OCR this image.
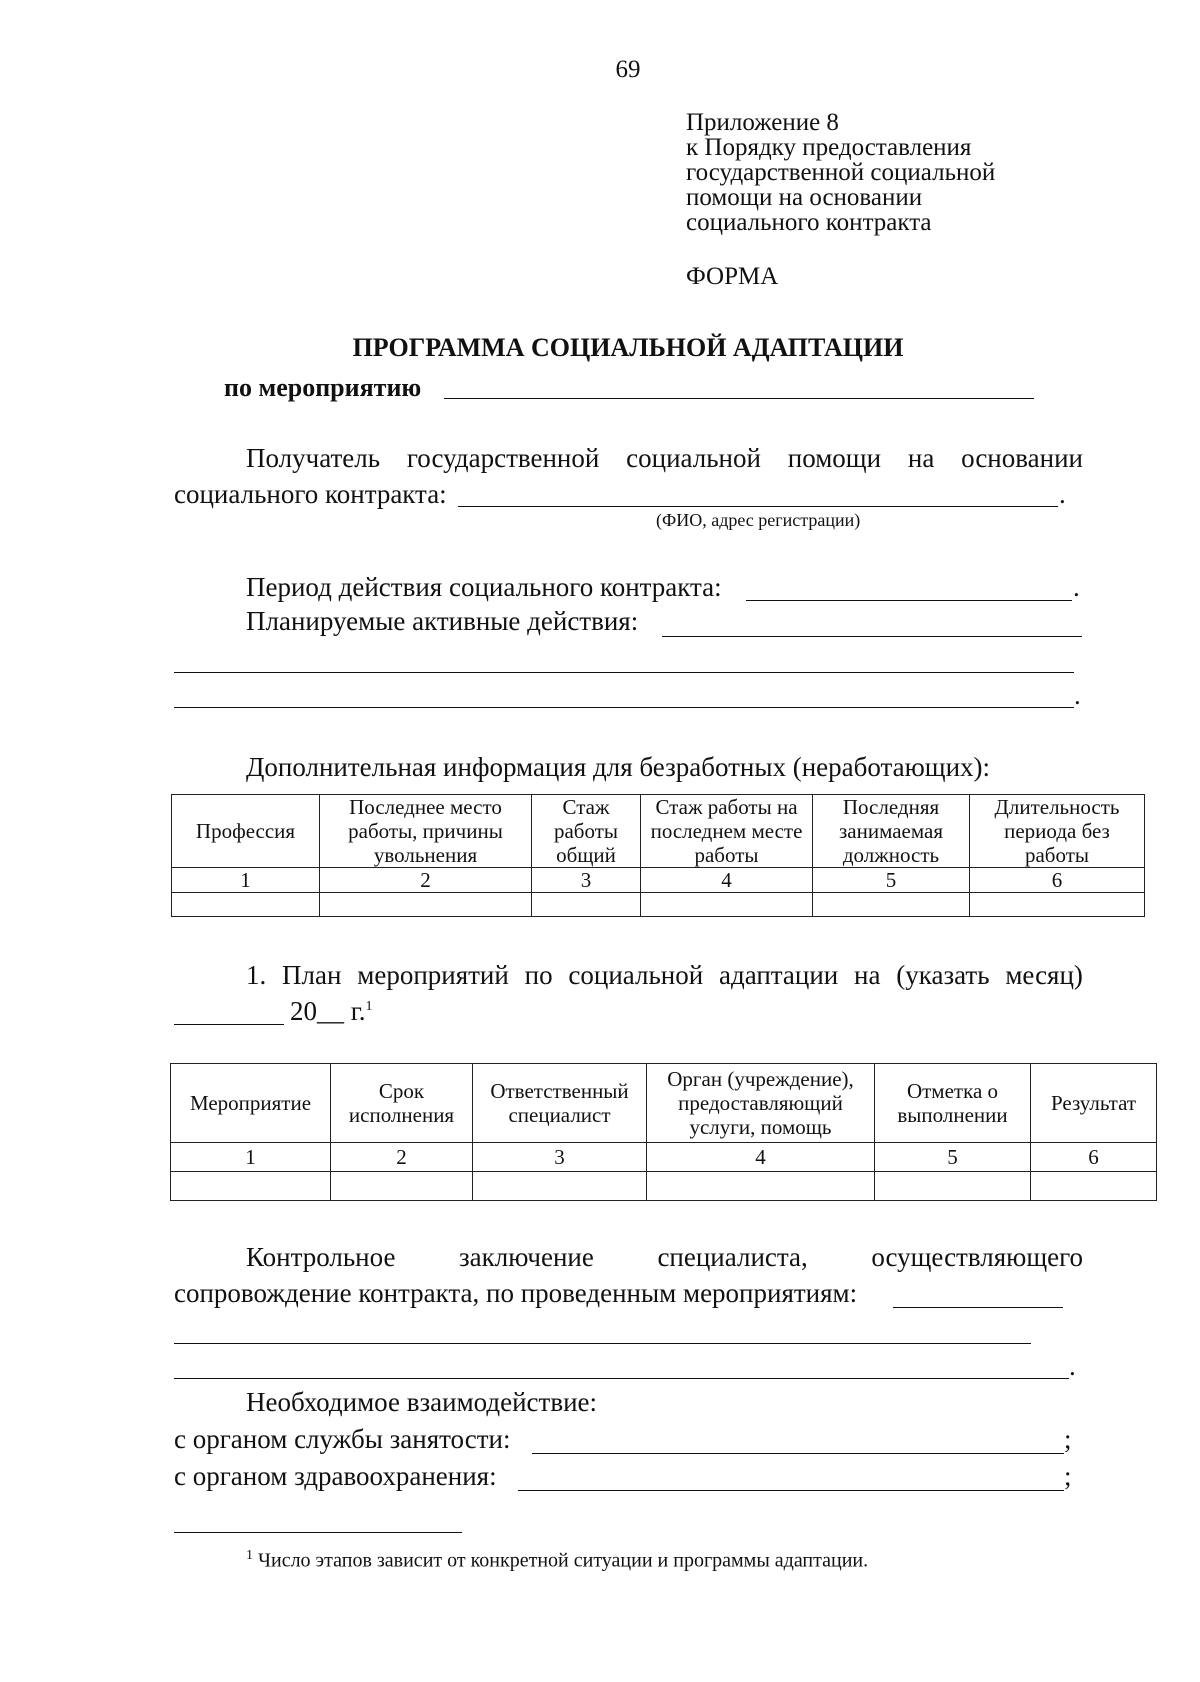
69
Приложение 8
к Порядку предоставления
государственной социальной
помощи на основании
социального контракта
ФОРМА
ПРОГРАММА СОЦИАЛЬНОЙ АДАПТАЦИИ
по мероприятию
Получатель государственной социальной помощи на основании
социального контракта:	.
(ФИО, адрес регистрации)
Период действия социального контракта:	.
Планируемые активные действия:
.
Дополнительная информация для безработных (неработающих):
Профессия	Последнее место работы, причины увольнения	Стаж работы общий	Стаж работы на последнем месте работы	Последняя занимаемая должность	Длительность периода без работы
1	2	3	4	5	6

1. План мероприятий по социальной адаптации на (указать месяц)
20__ г.$^1$
Мероприятие	Срок исполнения	Ответственный специалист	Орган (учреждение), предоставляющий услуги, помощь	Отметка о выполнении	Результат
1	2	3	4	5	6

Контрольное заключение специалиста, осуществляющего
сопровождение контракта, по проведенным мероприятиям:
.
Необходимое взаимодействие:
с органом службы занятости:	;
с органом здравоохранения:	;
$^1$ Число этапов зависит от конкретной ситуации и программы адаптации.
